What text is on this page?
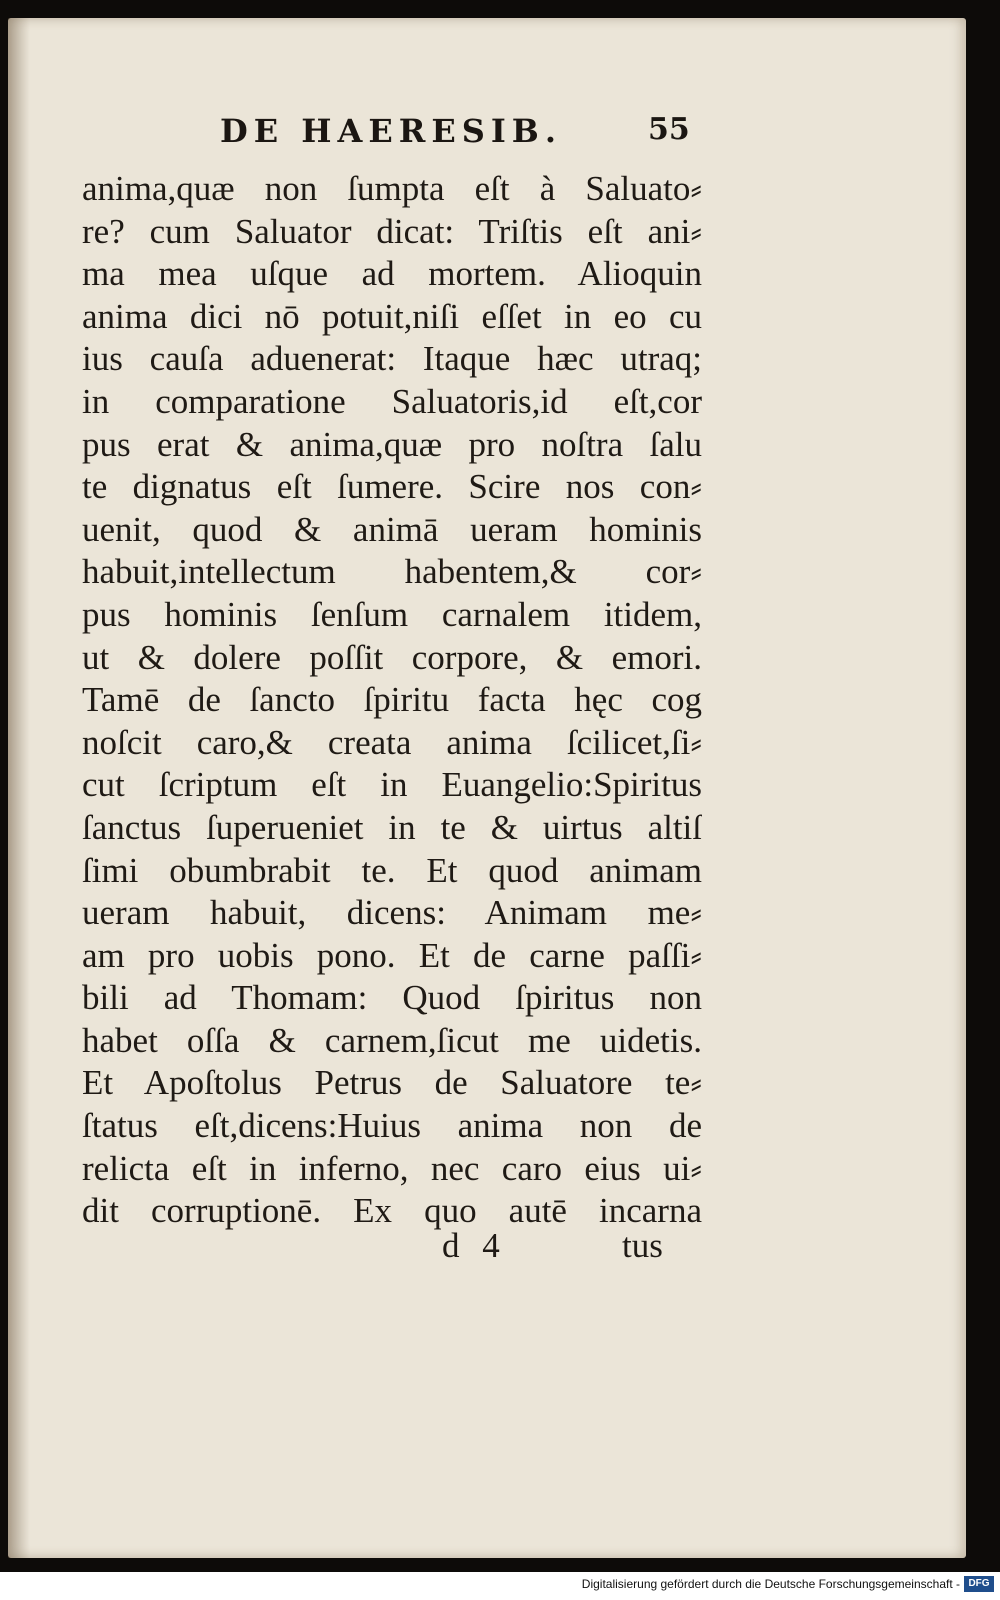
DE HAERESIB.	55
anima,quæ non ſumpta eſt à Saluato⸗
re? cum Saluator dicat: Triſtis eſt ani⸗
ma mea uſque ad mortem. Alioquin
anima dici nō potuit,niſi eſſet in eo cu
ius cauſa aduenerat: Itaque hæc utraq;
in comparatione Saluatoris,id eſt,cor
pus erat & anima,quæ pro noſtra ſalu
te dignatus eſt ſumere. Scire nos con⸗
uenit, quod & animā ueram hominis
habuit,intellectum habentem,& cor⸗
pus hominis ſenſum carnalem itidem,
ut & dolere poſſit corpore, & emori.
Tamē de ſancto ſpiritu facta hęc cog
noſcit caro,& creata anima ſcilicet,ſi⸗
cut ſcriptum eſt in Euangelio:Spiritus
ſanctus ſuperueniet in te & uirtus altiſ
ſimi obumbrabit te. Et quod animam
ueram habuit, dicens: Animam me⸗
am pro uobis pono. Et de carne paſſi⸗
bili ad Thomam: Quod ſpiritus non
habet oſſa & carnem,ſicut me uidetis.
Et Apoſtolus Petrus de Saluatore te⸗
ſtatus eſt,dicens:Huius anima non de
relicta eſt in inferno, nec caro eius ui⸗
dit corruptionē. Ex quo autē incarna
d 4	tus
Digitalisierung gefördert durch die Deutsche Forschungsgemeinschaft - DFG
